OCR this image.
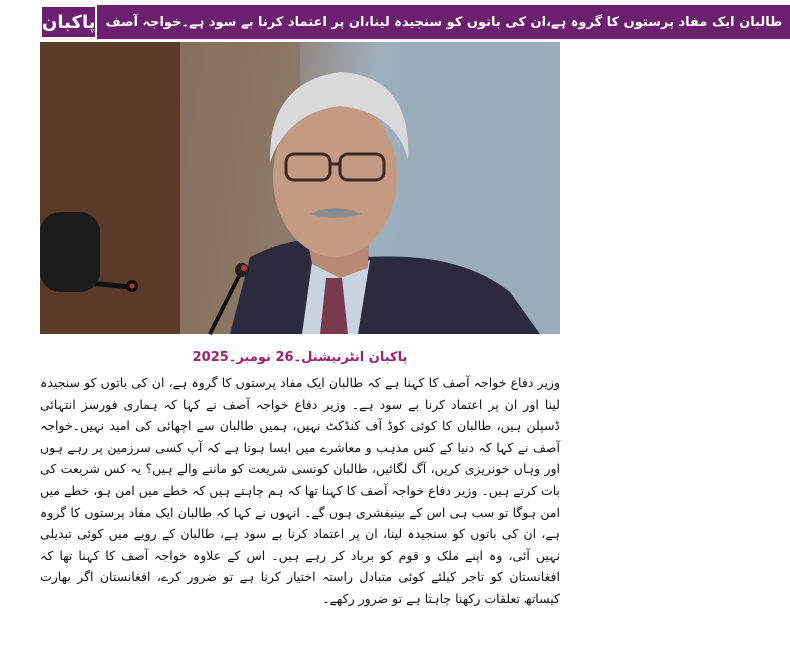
پاکبان طالبان ایک مفاد پرستوں کا گروہ ہے،ان کی باتوں کو سنجیدہ لینا،ان پر اعتماد کرنا بے سود ہے۔خواجہ آصف
پاکبان انٹرنیشنل۔26 نومبر۔2025
وزیر دفاع خواجہ آصف کا کہنا ہے کہ طالبان ایک مفاد پرستوں کا گروہ ہے، ان کی باتوں کو سنجیدہ لینا اور ان پر اعتماد کرنا بے سود ہے۔ وزیر دفاع خواجہ آصف نے کہا کہ ہماری فورسز انتہائی ڈسپلن ہیں، طالبان کا کوئی کوڈ آف کنڈکٹ نہیں، ہمیں طالبان سے اچھائی کی امید نہیں۔خواجہ آصف نے کہا کہ دنیا کے کس مذہب و معاشرے میں ایسا ہوتا ہے کہ آپ کسی سرزمین پر رہے ہوں اور وہاں خونریزی کریں، آگ لگائیں، طالبان کونسی شریعت کو ماننے والے ہیں؟ یہ کس شریعت کی بات کرتے ہیں۔ وزیر دفاع خواجہ آصف کا کہنا تھا کہ ہم چاہتے ہیں کہ خطے میں امن ہو، خطے میں امن ہوگا تو سب ہی اس کے بینیفشری ہوں گے۔ انہوں نے کہا کہ طالبان ایک مفاد پرستوں کا گروہ ہے، ان کی باتوں کو سنجیدہ لینا، ان پر اعتماد کرنا بے سود ہے، طالبان کے رویے میں کوئی تبدیلی نہیں آئی، وہ اپنے ملک و قوم کو برباد کر رہے ہیں۔ اس کے علاوہ خواجہ آصف کا کہنا تھا کہ افغانستان کو تاجر کیلئے کوئی متبادل راستہ اختیار کرنا ہے تو ضرور کرے، افغانستان اگر بھارت کیساتھ تعلقات رکھنا چاہتا ہے تو ضرور رکھے۔
